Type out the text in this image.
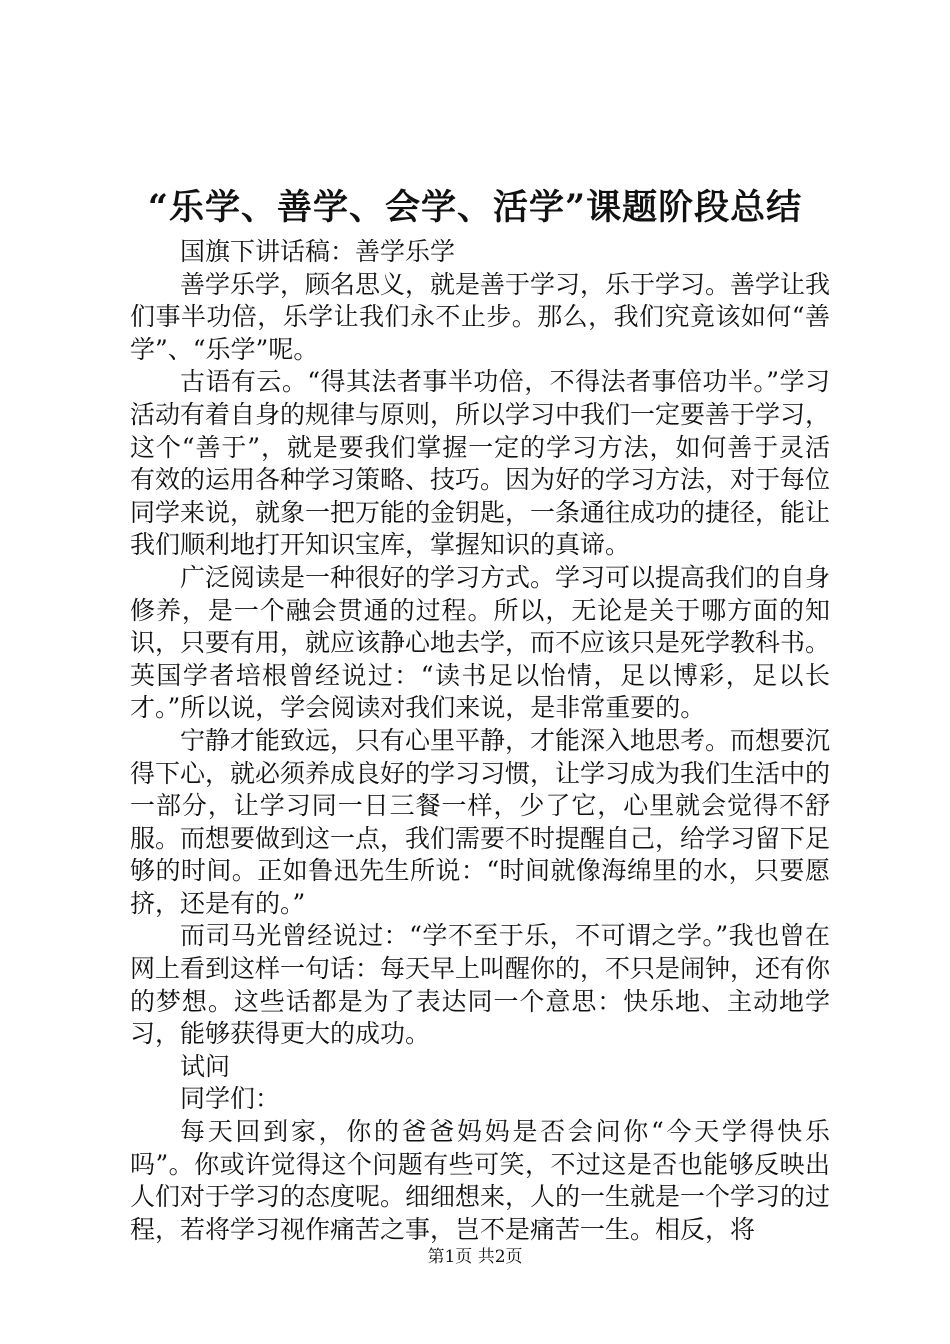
“乐学、善学、会学、活学”课题阶段总结

国旗下讲话稿：善学乐学

善学乐学，顾名思义，就是善于学习，乐于学习。善学让我们事半功倍，乐学让我们永不止步。那么，我们究竟该如何“善学”、“乐学”呢。

古语有云。“得其法者事半功倍，不得法者事倍功半。”学习活动有着自身的规律与原则，所以学习中我们一定要善于学习，这个“善于”，就是要我们掌握一定的学习方法，如何善于灵活有效的运用各种学习策略、技巧。因为好的学习方法，对于每位同学来说，就象一把万能的金钥匙，一条通往成功的捷径，能让我们顺利地打开知识宝库，掌握知识的真谛。

广泛阅读是一种很好的学习方式。学习可以提高我们的自身修养，是一个融会贯通的过程。所以，无论是关于哪方面的知识，只要有用，就应该静心地去学，而不应该只是死学教科书。英国学者培根曾经说过：“读书足以怡情，足以博彩，足以长才。”所以说，学会阅读对我们来说，是非常重要的。

宁静才能致远，只有心里平静，才能深入地思考。而想要沉得下心，就必须养成良好的学习习惯，让学习成为我们生活中的一部分，让学习同一日三餐一样，少了它，心里就会觉得不舒服。而想要做到这一点，我们需要不时提醒自己，给学习留下足够的时间。正如鲁迅先生所说：“时间就像海绵里的水，只要愿挤，还是有的。”

而司马光曾经说过：“学不至于乐，不可谓之学。”我也曾在网上看到这样一句话：每天早上叫醒你的，不只是闹钟，还有你的梦想。这些话都是为了表达同一个意思：快乐地、主动地学习，能够获得更大的成功。

试问

同学们：

每天回到家，你的爸爸妈妈是否会问你“今天学得快乐吗”。你或许觉得这个问题有些可笑，不过这是否也能够反映出人们对于学习的态度呢。细细想来，人的一生就是一个学习的过程，若将学习视作痛苦之事，岂不是痛苦一生。相反，将

第1页 共2页
